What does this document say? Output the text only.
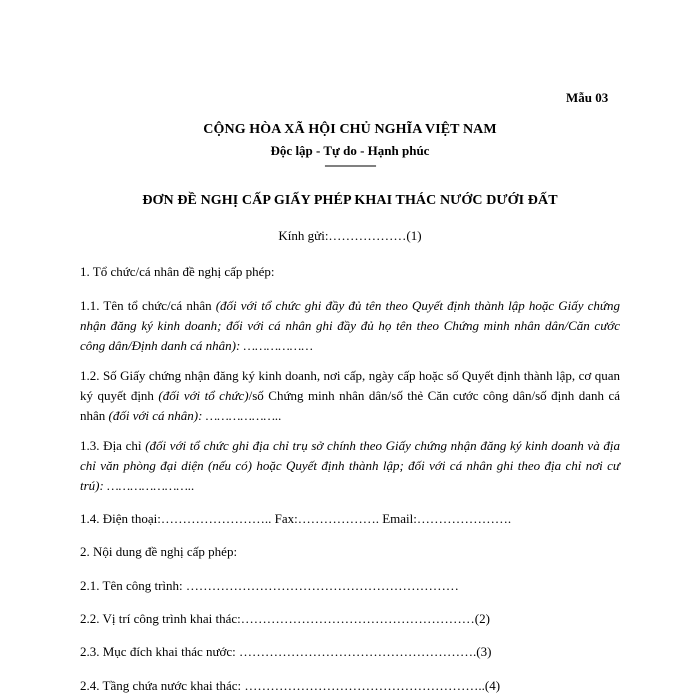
Mẫu 03
CỘNG HÒA XÃ HỘI CHỦ NGHĨA VIỆT NAM
Độc lập - Tự do - Hạnh phúc
-----------------
ĐƠN ĐỀ NGHỊ CẤP GIẤY PHÉP KHAI THÁC NƯỚC DƯỚI ĐẤT
Kính gửi:………………(1)
1. Tổ chức/cá nhân đề nghị cấp phép:
1.1. Tên tổ chức/cá nhân (đối với tổ chức ghi đầy đủ tên theo Quyết định thành lập hoặc Giấy chứng nhận đăng ký kinh doanh; đối với cá nhân ghi đầy đủ họ tên theo Chứng minh nhân dân/Căn cước công dân/Định danh cá nhân): ………………
1.2. Số Giấy chứng nhận đăng ký kinh doanh, nơi cấp, ngày cấp hoặc số Quyết định thành lập, cơ quan ký quyết định (đối với tổ chức)/số Chứng minh nhân dân/số thẻ Căn cước công dân/số định danh cá nhân (đối với cá nhân): ………………..
1.3. Địa chỉ (đối với tổ chức ghi địa chỉ trụ sở chính theo Giấy chứng nhận đăng ký kinh doanh và địa chỉ văn phòng đại diện (nếu có) hoặc Quyết định thành lập; đối với cá nhân ghi theo địa chỉ nơi cư trú): …………………..
1.4. Điện thoại:…………………….. Fax:………………. Email:………………….
2. Nội dung đề nghị cấp phép:
2.1. Tên công trình: ………………………………………………………
2.2. Vị trí công trình khai thác:………………………………………………(2)
2.3. Mục đích khai thác nước: ……………………………………………….(3)
2.4. Tầng chứa nước khai thác: ………………………………………………..(4)
